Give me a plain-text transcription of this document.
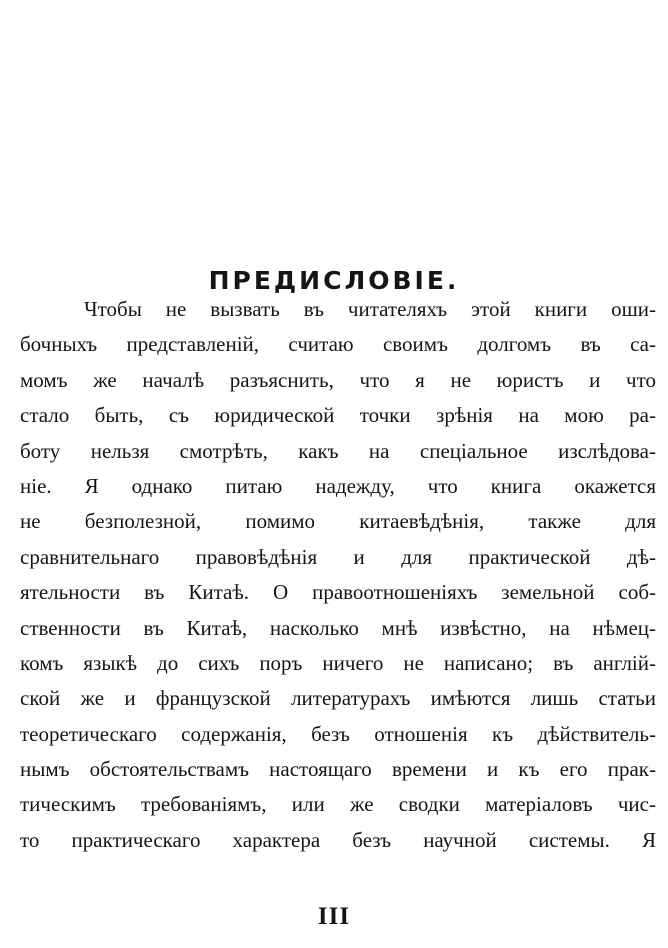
ПРЕДИСЛОВІЕ.
Чтобы не вызвать въ читателяхъ этой книги оши-
бочныхъ представленій, считаю своимъ долгомъ въ са-
момъ же началѣ разъяснить, что я не юристъ и что
стало быть, съ юридической точки зрѣнія на мою ра-
боту нельзя смотрѣть, какъ на спеціальное изслѣдова-
ніе. Я однако питаю надежду, что книга окажется
не безполезной, помимо китаевѣдѣнія, также для
сравнительнаго правовѣдѣнія и для практической дѣ-
ятельности въ Китаѣ. О правоотношеніяхъ земельной соб-
ственности въ Китаѣ, насколько мнѣ извѣстно, на нѣмец-
комъ языкѣ до сихъ поръ ничего не написано; въ англій-
ской же и французской литературахъ имѣются лишь статьи
теоретическаго содержанія, безъ отношенія къ дѣйствитель-
нымъ обстоятельствамъ настоящаго времени и къ его прак-
тическимъ требованіямъ, или же сводки матеріаловъ чис-
то практическаго характера безъ научной системы. Я
III
